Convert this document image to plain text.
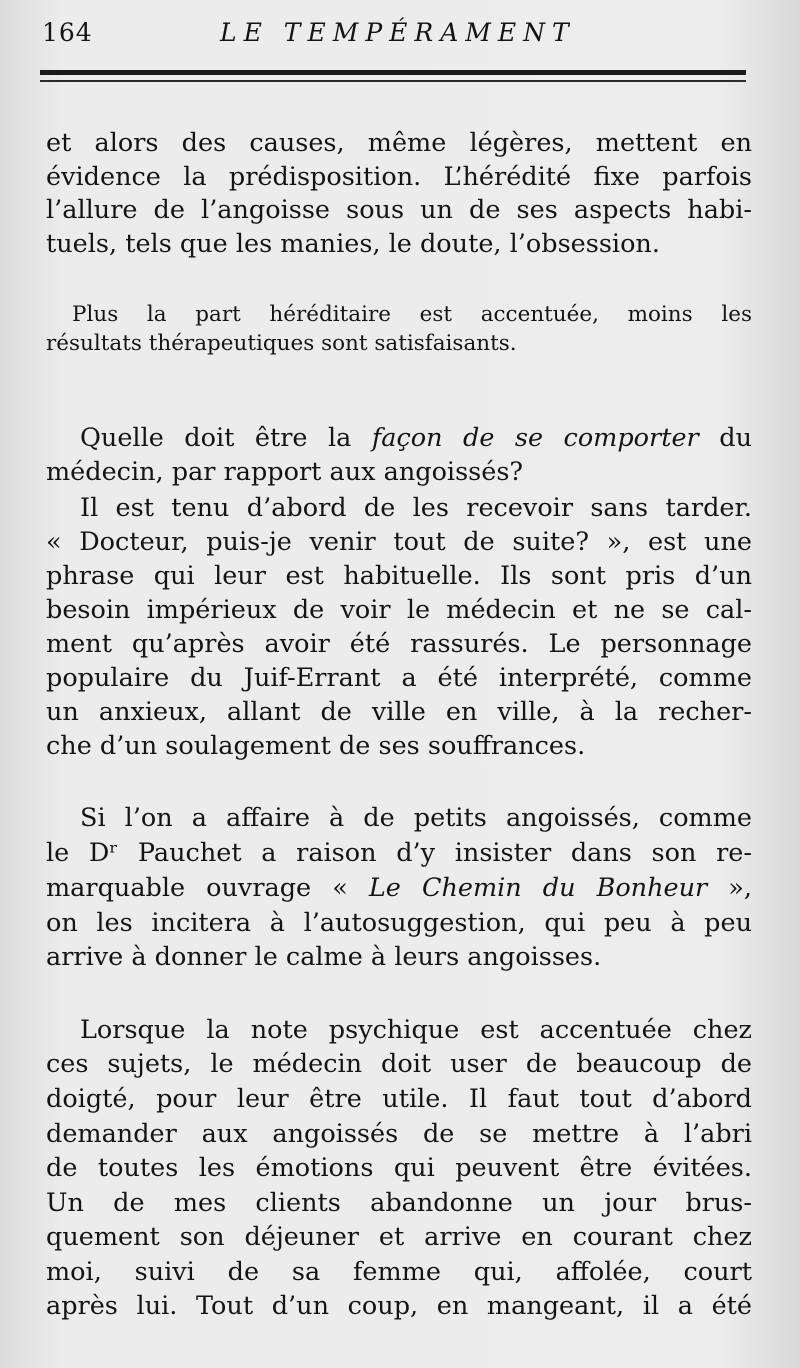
164	LE TEMPÉRAMENT

et alors des causes, même légères, mettent en

évidence la prédisposition. L’hérédité fixe parfois

l’allure de l’angoisse sous un de ses aspects habi-

tuels, tels que les manies, le doute, l’obsession.

Plus la part héréditaire est accentuée, moins les

résultats thérapeutiques sont satisfaisants.

Quelle doit être la façon de se comporter du

médecin, par rapport aux angoissés?

Il est tenu d’abord de les recevoir sans tarder.

« Docteur, puis-je venir tout de suite? », est une

phrase qui leur est habituelle. Ils sont pris d’un

besoin impérieux de voir le médecin et ne se cal-

ment qu’après avoir été rassurés. Le personnage

populaire du Juif-Errant a été interprété, comme

un anxieux, allant de ville en ville, à la recher-

che d’un soulagement de ses souffrances.

Si l’on a affaire à de petits angoissés, comme

le Dʳ Pauchet a raison d’y insister dans son re-

marquable ouvrage « Le Chemin du Bonheur »,

on les incitera à l’autosuggestion, qui peu à peu

arrive à donner le calme à leurs angoisses.

Lorsque la note psychique est accentuée chez

ces sujets, le médecin doit user de beaucoup de

doigté, pour leur être utile. Il faut tout d’abord

demander aux angoissés de se mettre à l’abri

de toutes les émotions qui peuvent être évitées.

Un de mes clients abandonne un jour brus-

quement son déjeuner et arrive en courant chez

moi, suivi de sa femme qui, affolée, court

après lui. Tout d’un coup, en mangeant, il a été
